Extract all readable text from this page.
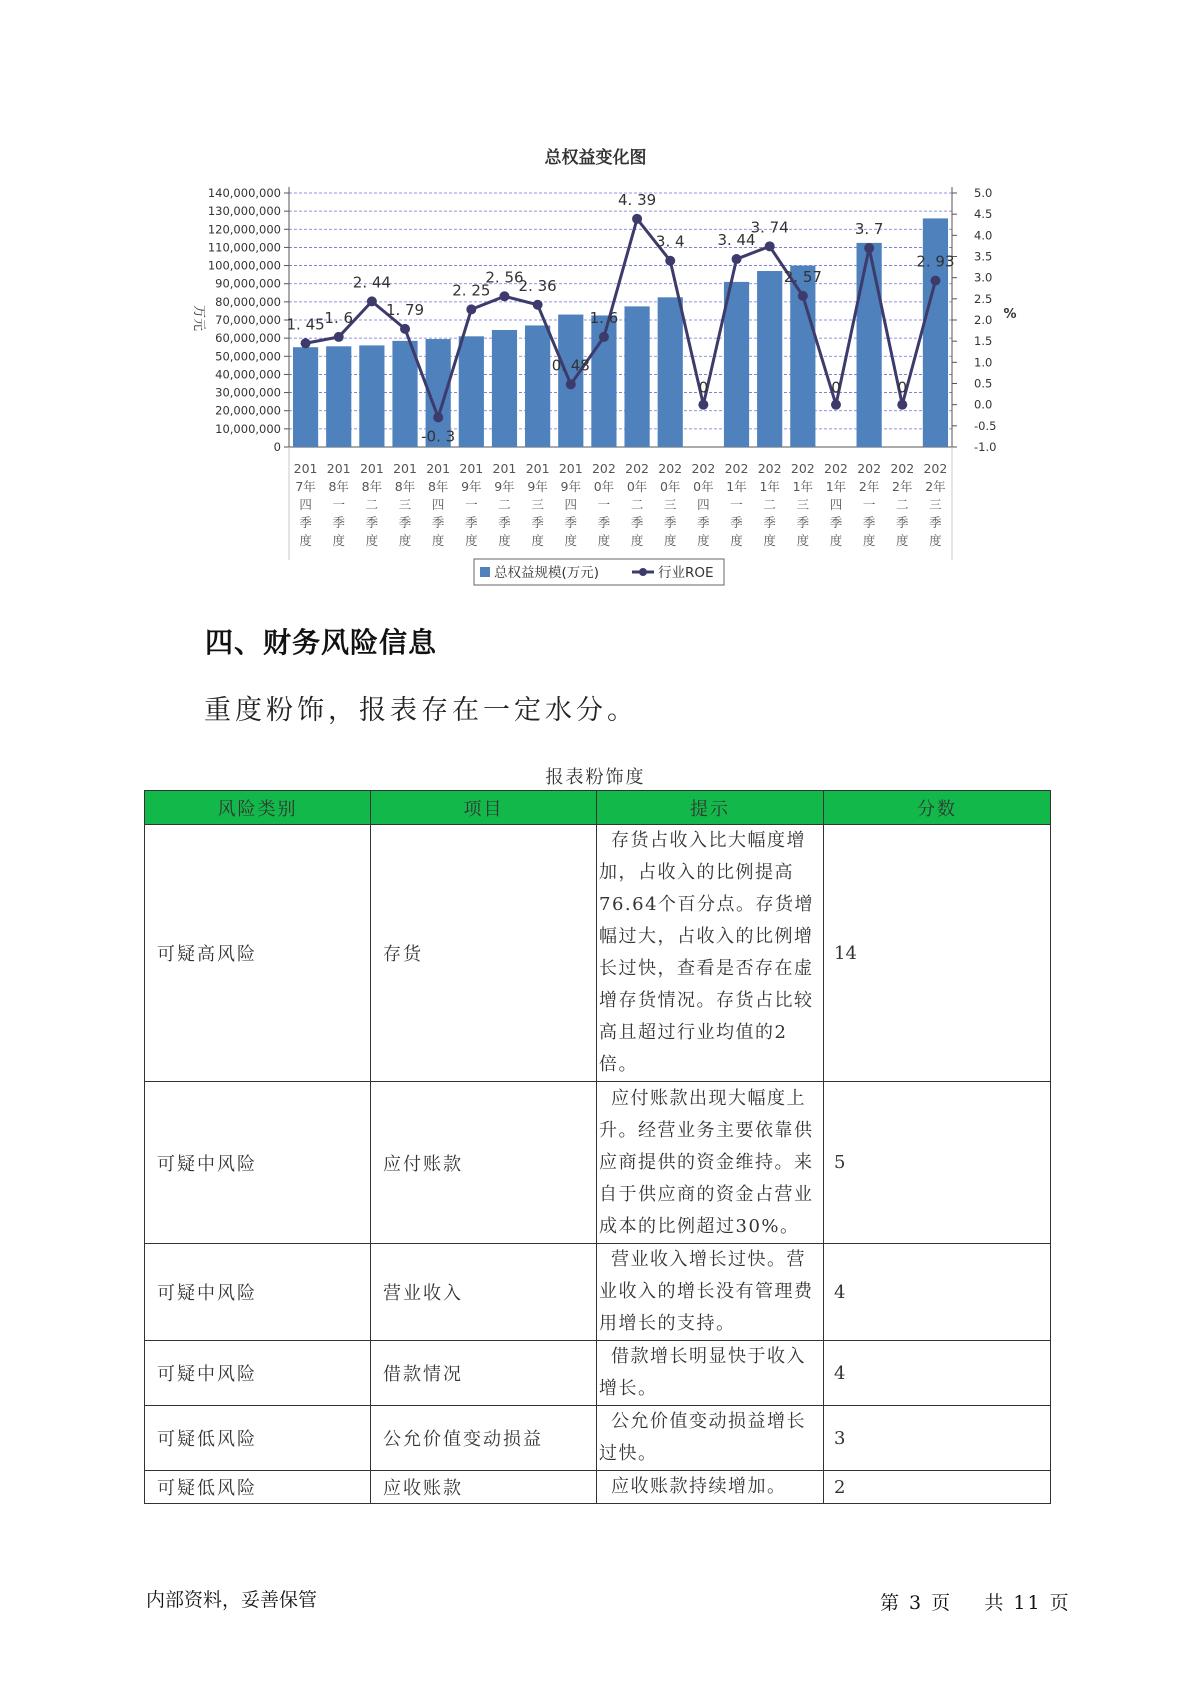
140,000,000
130,000,000
120,000,000
110,000,000
100,000,000
90,000,000
80,000,000
70,000,000
60,000,000
50,000,000
40,000,000
30,000,000
20,000,000
10,000,000
0
5.0
4.5
4.0
3.5
3.0
2.5
2.0
1.5
1.0
0.5
0.0
-0.5
-1.0
万元	%
201
7年
四
季
度
201
8年
一
季
度
201
8年
二
季
度
201
8年
三
季
度
201
8年
四
季
度
201
9年
一
季
度
201
9年
二
季
度
201
9年
三
季
度
201
9年
四
季
度
202
0年
一
季
度
202
0年
二
季
度
202
0年
三
季
度
202
0年
四
季
度
202
1年
一
季
度
202
1年
二
季
度
202
1年
三
季
度
202
1年
四
季
度
202
2年
一
季
度
202
2年
二
季
度
202
2年
三
季
度
1. 45 1. 6
2. 44
1. 79
-0. 3
2. 25
2. 56
2. 36
0. 48
1. 6
4. 39
3. 4
0
3. 44
3. 74
2. 57
0
3. 7
0
2. 93
总权益规模(万元)	行业ROE
总权益变化图
四、财务风险信息
重度粉饰，报表存在一定水分。
报表粉饰度
风险类别	项目	提示	分数
可疑高风险	存货	存货占收入比大幅度增加，占收入的比例提高76.64个百分点。存货增幅过大，占收入的比例增长过快，查看是否存在虚增存货情况。存货占比较高且超过行业均值的2倍。	14
可疑中风险	应付账款	应付账款出现大幅度上升。经营业务主要依靠供应商提供的资金维持。来自于供应商的资金占营业成本的比例超过30%。	5
可疑中风险	营业收入	营业收入增长过快。营业收入的增长没有管理费用增长的支持。	4
可疑中风险	借款情况	借款增长明显快于收入增长。	4
可疑低风险	公允价值变动损益	公允价值变动损益增长过快。	3
可疑低风险	应收账款	应收账款持续增加。	2
内部资料，妥善保管	第 3 页    共 11 页
